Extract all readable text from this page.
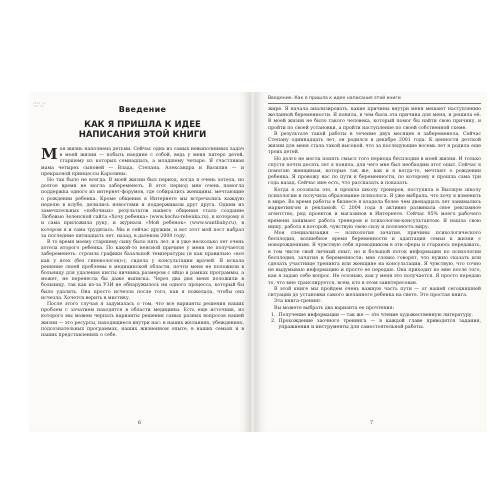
▮▮▮▮ ▮▮ ▮▮▮ ▮▮	Введение
КАК Я ПРИШЛА К ИДЕЕ
НАПИСАНИЯ ЭТОЙ КНИГИ

Моя жизнь наполнена детьми. Сейчас одна из самых невыполнимых задач в моей жизни — побыть наедине с собой, ведь у меня пятеро детей, старшему из которых семнадцать, а младшему четыре. Я счастливая мама четырех сыновей — Влада, Степана, Александра и Василия — и прекрасной принцессы Каролины.

Но так было не всегда. В моей жизни был период, когда я очень хотела, но долгое время не могла забеременеть. В этот период мне очень помогла поддержка одного из интернет-форумов, где собирались женщины, мечтающие о рождении ребенка. Кроме общения в Интернете мы встречались каждую неделю в клубе, делились новостями и поддерживали друг друга. Одним из замечательных «побочных» результатов нашего общения стало создание Любовью Зеленской сайта «Хочу ребенка» (www.hochu-rebenka.ru), к которому я и сама приложила руку, и журнала «Мой ребенок» (www.wantbaby.ru), в котором я и сама трудилась. Мы и сейчас дружим, и вот этот мой пост набрал за последние пятнадцать лет, назад, в далеком 2000 году.

В то время моему старшему сыну было пять лет, и я уже несколько лет очень хотела второго ребенка. По какой-то неясной причине у меня не получается забеременеть: строила графики базальной температуры (и как правильно «все как у всех (без гинекологов)»), сидела у консультации врачей. Я искала решение своей проблемы в медицинской области, почти меня не положили в больницу для удаления кисты яичника размером с яйцо в рамках программы, а может, не перенесла бы даже выписка. Через два дня меня положили в больницу, так как из-за УЗИ не обнаружилось ни одного процесса, который бы было удалять. Она просто исчезла после того, как я пожелала, чтобы она исчезла. Хочется верить в мистику.

После этого случая я задумалась о том, что все варианты решения наших проблем с зачатием находятся в области медицины. Есть еще источник, из которого мы можем черпать варианты решения самых разных вопросов нашей жизни — это ресурсы, находящиеся внутри нас: в наших желаниях, убеждениях, подсознательных программах, наших жизненном опыте, в наших семьях и в наших представлениях о себе.

6
Введение. Как я пришла к идее написания этой книги

жире. Я начала анализировать, какие причины внутри меня мешают наступлению желанной беременности. Я поняла, в чем была эта причина для меня, и решила её. В моей жизни не было такого человека, который помог бы найти свою причину, и пройти по своей установки, а пройти наступление по своей собственной схеме.

В результате такой работы в течение двух месяцев я забеременела. Сейчас Степану одиннадцать лет, он родился в декабре 2001 года. К ценности детской жизни для меня стала такой высокой, что за последующие восемь лет я родила еще троих детей.

Но долго не могла понять смысл того периода бесплодия в моей жизни. И только спустя почти десять лет я поняла, для чего мне был необходим этот опыт. Сейчас я помогаю женщинам, которые так же, как и я когда-то, мечтают о рождении ребенка. Я провожу вас по пути к беременности, по которому я прошла сама три года назад. Сейчас мне есть, что рассказать и показать.

Когда я осознала это, я прошла школу тренеров, поступила в Высшую школу психологии и получила образование психолога. Я уже выбрала, что хочу я изменить в мире. Во время работы в бизнесе я владела более чем двенадцать лет занимались маркетингом и рекламой. С 2004 года я активно развивала свое рекламное агентство, ряд проектов и магазинов в Интернете. Сейчас 95% моего рабочего времени занимает работа тренером и психологом-консультантом. Я нашла свою нишу, работа в которой, чувствую свою силу и полезность миру.

Моя специализация — психология зачатия, причины психологического бесплодия, волшебное время беременности и адаптация семьи к жизни с новорожденным. Я чувствую себя проводником в эти сферы и стараюсь передавать, в том числе свой личный опыт, но и большой поток информации по психологии бесплодия, зачатия и беременности: мне словно говорят, что нужно сказать или сделать участнице тренинга или женщине на консультации. Я чувствую, что точно не выдумываю информацию и просто ее передаю. Она приходит ко мне после того, как я задаю себе вопрос. Не осознаю, как у меня это получается. Я просто передаю то, что мне транслируется, всем, кто в этом заинтересован.

В этой книге мы пройдем очень важную часть пути — от вашей сегодняшней ситуации до установки самого желанного ребенка на свете. Это простая книга.

Эта книга-тренинг.

Вы можете выбрать два варианта ее прочтения:

1. Получение информации — так же — это чтение художественную литературу.
2. Прохождение заочного тренинга — в каждой главе приводятся задания, упражнения и инструменты для самостоятельной работы.
7
